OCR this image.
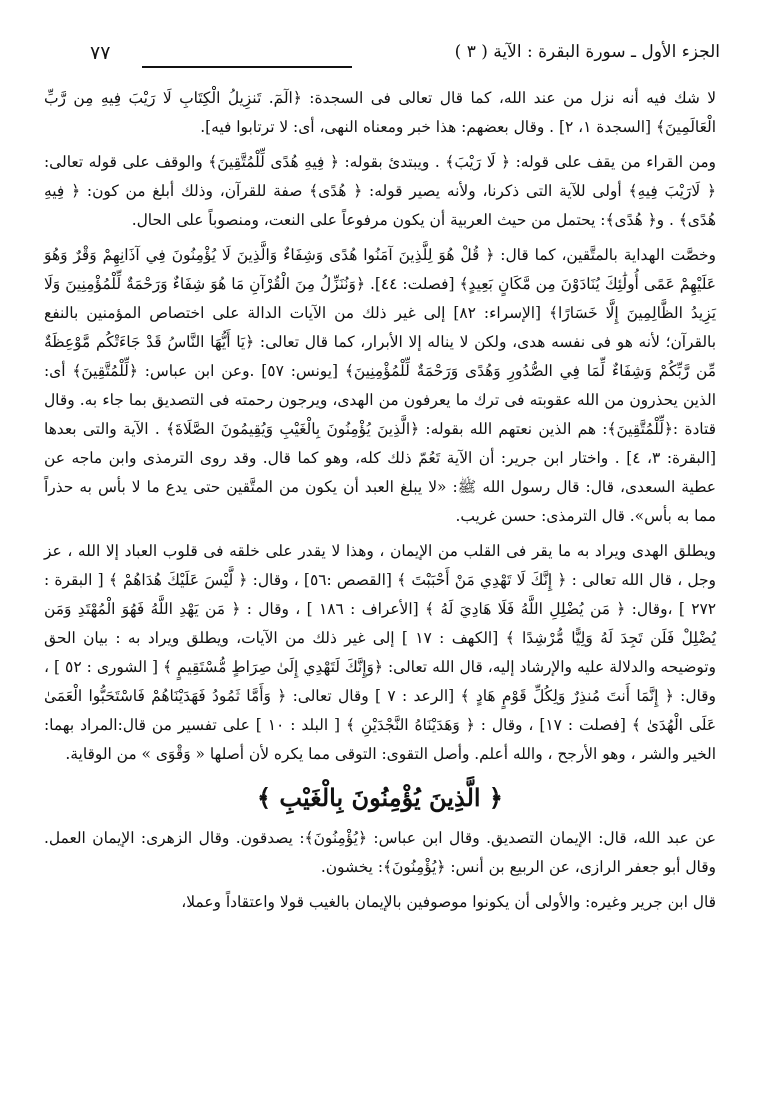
الجزء الأول ـ سورة البقرة : الآية ( ٣ )
٧٧

لا شك فيه أنه نزل من عند الله، كما قال تعالى فى السجدة: ﴿الٓمٓ. تَنزِيلُ الْكِتَابِ لَا رَيْبَ فِيهِ مِن رَّبِّ الْعَالَمِينَ﴾ [السجدة ١، ٢] . وقال بعضهم: هذا خبر ومعناه النهى، أى: لا ترتابوا فيه].

ومن القراء من يقف على قوله: ﴿ لَا رَيْبَ﴾ . ويبتدئ بقوله: ﴿ فِيهِ هُدًى لِّلْمُتَّقِينَ﴾ والوقف على قوله تعالى: ﴿ لَارَيْبَ فِيهِ﴾ أولى للآية التى ذكرنا، ولأنه يصير قوله: ﴿ هُدًى﴾ صفة للقرآن، وذلك أبلغ من كون: ﴿ فِيهِ هُدًى﴾ . و﴿ هُدًى﴾: يحتمل من حيث العربية أن يكون مرفوعاً على النعت، ومنصوباً على الحال.

وخصَّت الهداية بالمتَّقين، كما قال: ﴿ قُلْ هُوَ لِلَّذِينَ آمَنُوا هُدًى وَشِفَاءٌ وَالَّذِينَ لَا يُؤْمِنُونَ فِي آذَانِهِمْ وَقْرٌ وَهُوَ عَلَيْهِمْ عَمًى أُولَٰئِكَ يُنَادَوْنَ مِن مَّكَانٍ بَعِيدٍ﴾ [فصلت: ٤٤]. ﴿وَنُنَزِّلُ مِنَ الْقُرْآنِ مَا هُوَ شِفَاءٌ وَرَحْمَةٌ لِّلْمُؤْمِنِينَ وَلَا يَزِيدُ الظَّالِمِينَ إِلَّا خَسَارًا﴾ [الإسراء: ٨٢] إلى غير ذلك من الآيات الدالة على اختصاص المؤمنين بالنفع بالقرآن؛ لأنه هو فى نفسه هدى، ولكن لا يناله إلا الأبرار، كما قال تعالى: ﴿يَا أَيُّهَا النَّاسُ قَدْ جَاءَتْكُم مَّوْعِظَةٌ مِّن رَّبِّكُمْ وَشِفَاءٌ لِّمَا فِي الصُّدُورِ وَهُدًى وَرَحْمَةٌ لِّلْمُؤْمِنِينَ﴾ [يونس: ٥٧] .وعن ابن عباس: ﴿لِّلْمُتَّقِينَ﴾ أى: الذين يحذرون من الله عقوبته فى ترك ما يعرفون من الهدى، ويرجون رحمته فى التصديق بما جاء به. وقال قتادة :﴿لِّلْمُتَّقِينَ﴾: هم الذين نعتهم الله بقوله: ﴿الَّذِينَ يُؤْمِنُونَ بِالْغَيْبِ وَيُقِيمُونَ الصَّلَاةَ﴾ . الآية والتى بعدها [البقرة: ٣، ٤] . واختار ابن جرير: أن الآية تَعُمّ ذلك كله، وهو كما قال. وقد روى الترمذى وابن ماجه عن عطية السعدى، قال: قال رسول الله ﷺ: «لا يبلغ العبد أن يكون من المتَّقين حتى يدع ما لا بأس به حذراً مما به بأس». قال الترمذى: حسن غريب.

ويطلق الهدى ويراد به ما يقر فى القلب من الإيمان ، وهذا لا يقدر على خلقه فى قلوب العباد إلا الله ، عز وجل ، قال الله تعالى : ﴿ إِنَّكَ لَا تَهْدِي مَنْ أَحْبَبْتَ ﴾ [القصص :٥٦] ، وقال: ﴿ لَّيْسَ عَلَيْكَ هُدَاهُمْ ﴾ [ البقرة : ٢٧٢ ] ،وقال: ﴿ مَن يُضْلِلِ اللَّهُ فَلَا هَادِيَ لَهُ ﴾ [الأعراف : ١٨٦ ] ، وقال : ﴿ مَن يَهْدِ اللَّهُ فَهُوَ الْمُهْتَدِ وَمَن يُضْلِلْ فَلَن تَجِدَ لَهُ وَلِيًّا مُّرْشِدًا ﴾ [الكهف : ١٧ ] إلى غير ذلك من الآيات، ويطلق ويراد به : بيان الحق وتوضيحه والدلالة عليه والإرشاد إليه، قال الله تعالى: ﴿وَإِنَّكَ لَتَهْدِي إِلَىٰ صِرَاطٍ مُّسْتَقِيمٍ ﴾ [ الشورى : ٥٢ ] ، وقال: ﴿ إِنَّمَا أَنتَ مُنذِرٌ وَلِكُلِّ قَوْمٍ هَادٍ ﴾ [الرعد : ٧ ] وقال تعالى: ﴿ وَأَمَّا ثَمُودُ فَهَدَيْنَاهُمْ فَاسْتَحَبُّوا الْعَمَىٰ عَلَى الْهُدَىٰ ﴾ [فصلت : ١٧] ، وقال : ﴿ وَهَدَيْنَاهُ النَّجْدَيْنِ ﴾ [ البلد : ١٠ ] على تفسير من قال:المراد بهما: الخير والشر ، وهو الأرجح ، والله أعلم. وأصل التقوى: التوقى مما يكره لأن أصلها « وَقْوَى » من الوقاية.

﴿ الَّذِينَ يُؤْمِنُونَ بِالْغَيْبِ ﴾

عن عبد الله، قال: الإيمان التصديق. وقال ابن عباس: ﴿يُؤْمِنُونَ﴾: يصدقون. وقال الزهرى: الإيمان العمل. وقال أبو جعفر الرازى، عن الربيع بن أنس: ﴿يُؤْمِنُونَ﴾: يخشون.

قال ابن جرير وغيره: والأولى أن يكونوا موصوفين بالإيمان بالغيب قولا واعتقاداً وعملا،
